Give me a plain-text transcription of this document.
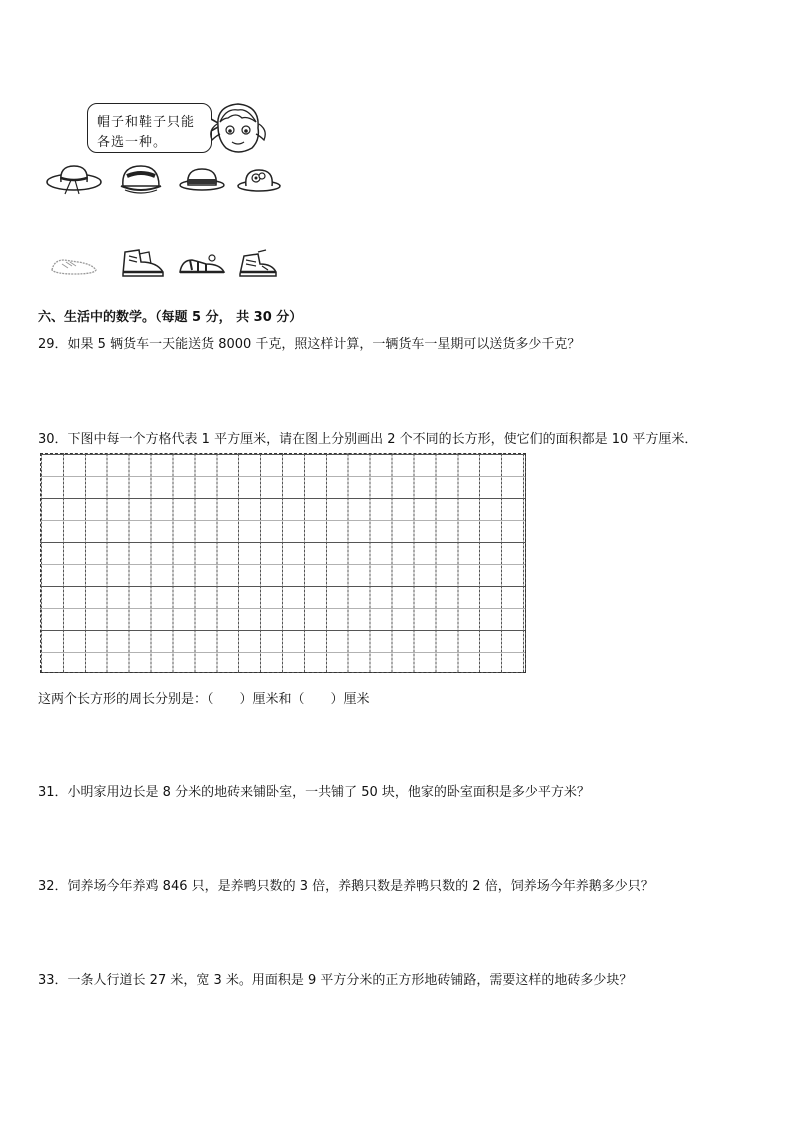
帽子和鞋子只能
各选一种。
六、生活中的数学。（每题 5 分， 共 30 分）
29．如果 5 辆货车一天能送货 8000 千克，照这样计算，一辆货车一星期可以送货多少千克？
30．下图中每一个方格代表 1 平方厘米，请在图上分别画出 2 个不同的长方形，使它们的面积都是 10 平方厘米．
这两个长方形的周长分别是：（　　）厘米和（　　）厘米
31．小明家用边长是 8 分米的地砖来铺卧室，一共铺了 50 块，他家的卧室面积是多少平方米？
32．饲养场今年养鸡 846 只，是养鸭只数的 3 倍，养鹅只数是养鸭只数的 2 倍，饲养场今年养鹅多少只？
33．一条人行道长 27 米，宽 3 米。用面积是 9 平方分米的正方形地砖铺路，需要这样的地砖多少块？
